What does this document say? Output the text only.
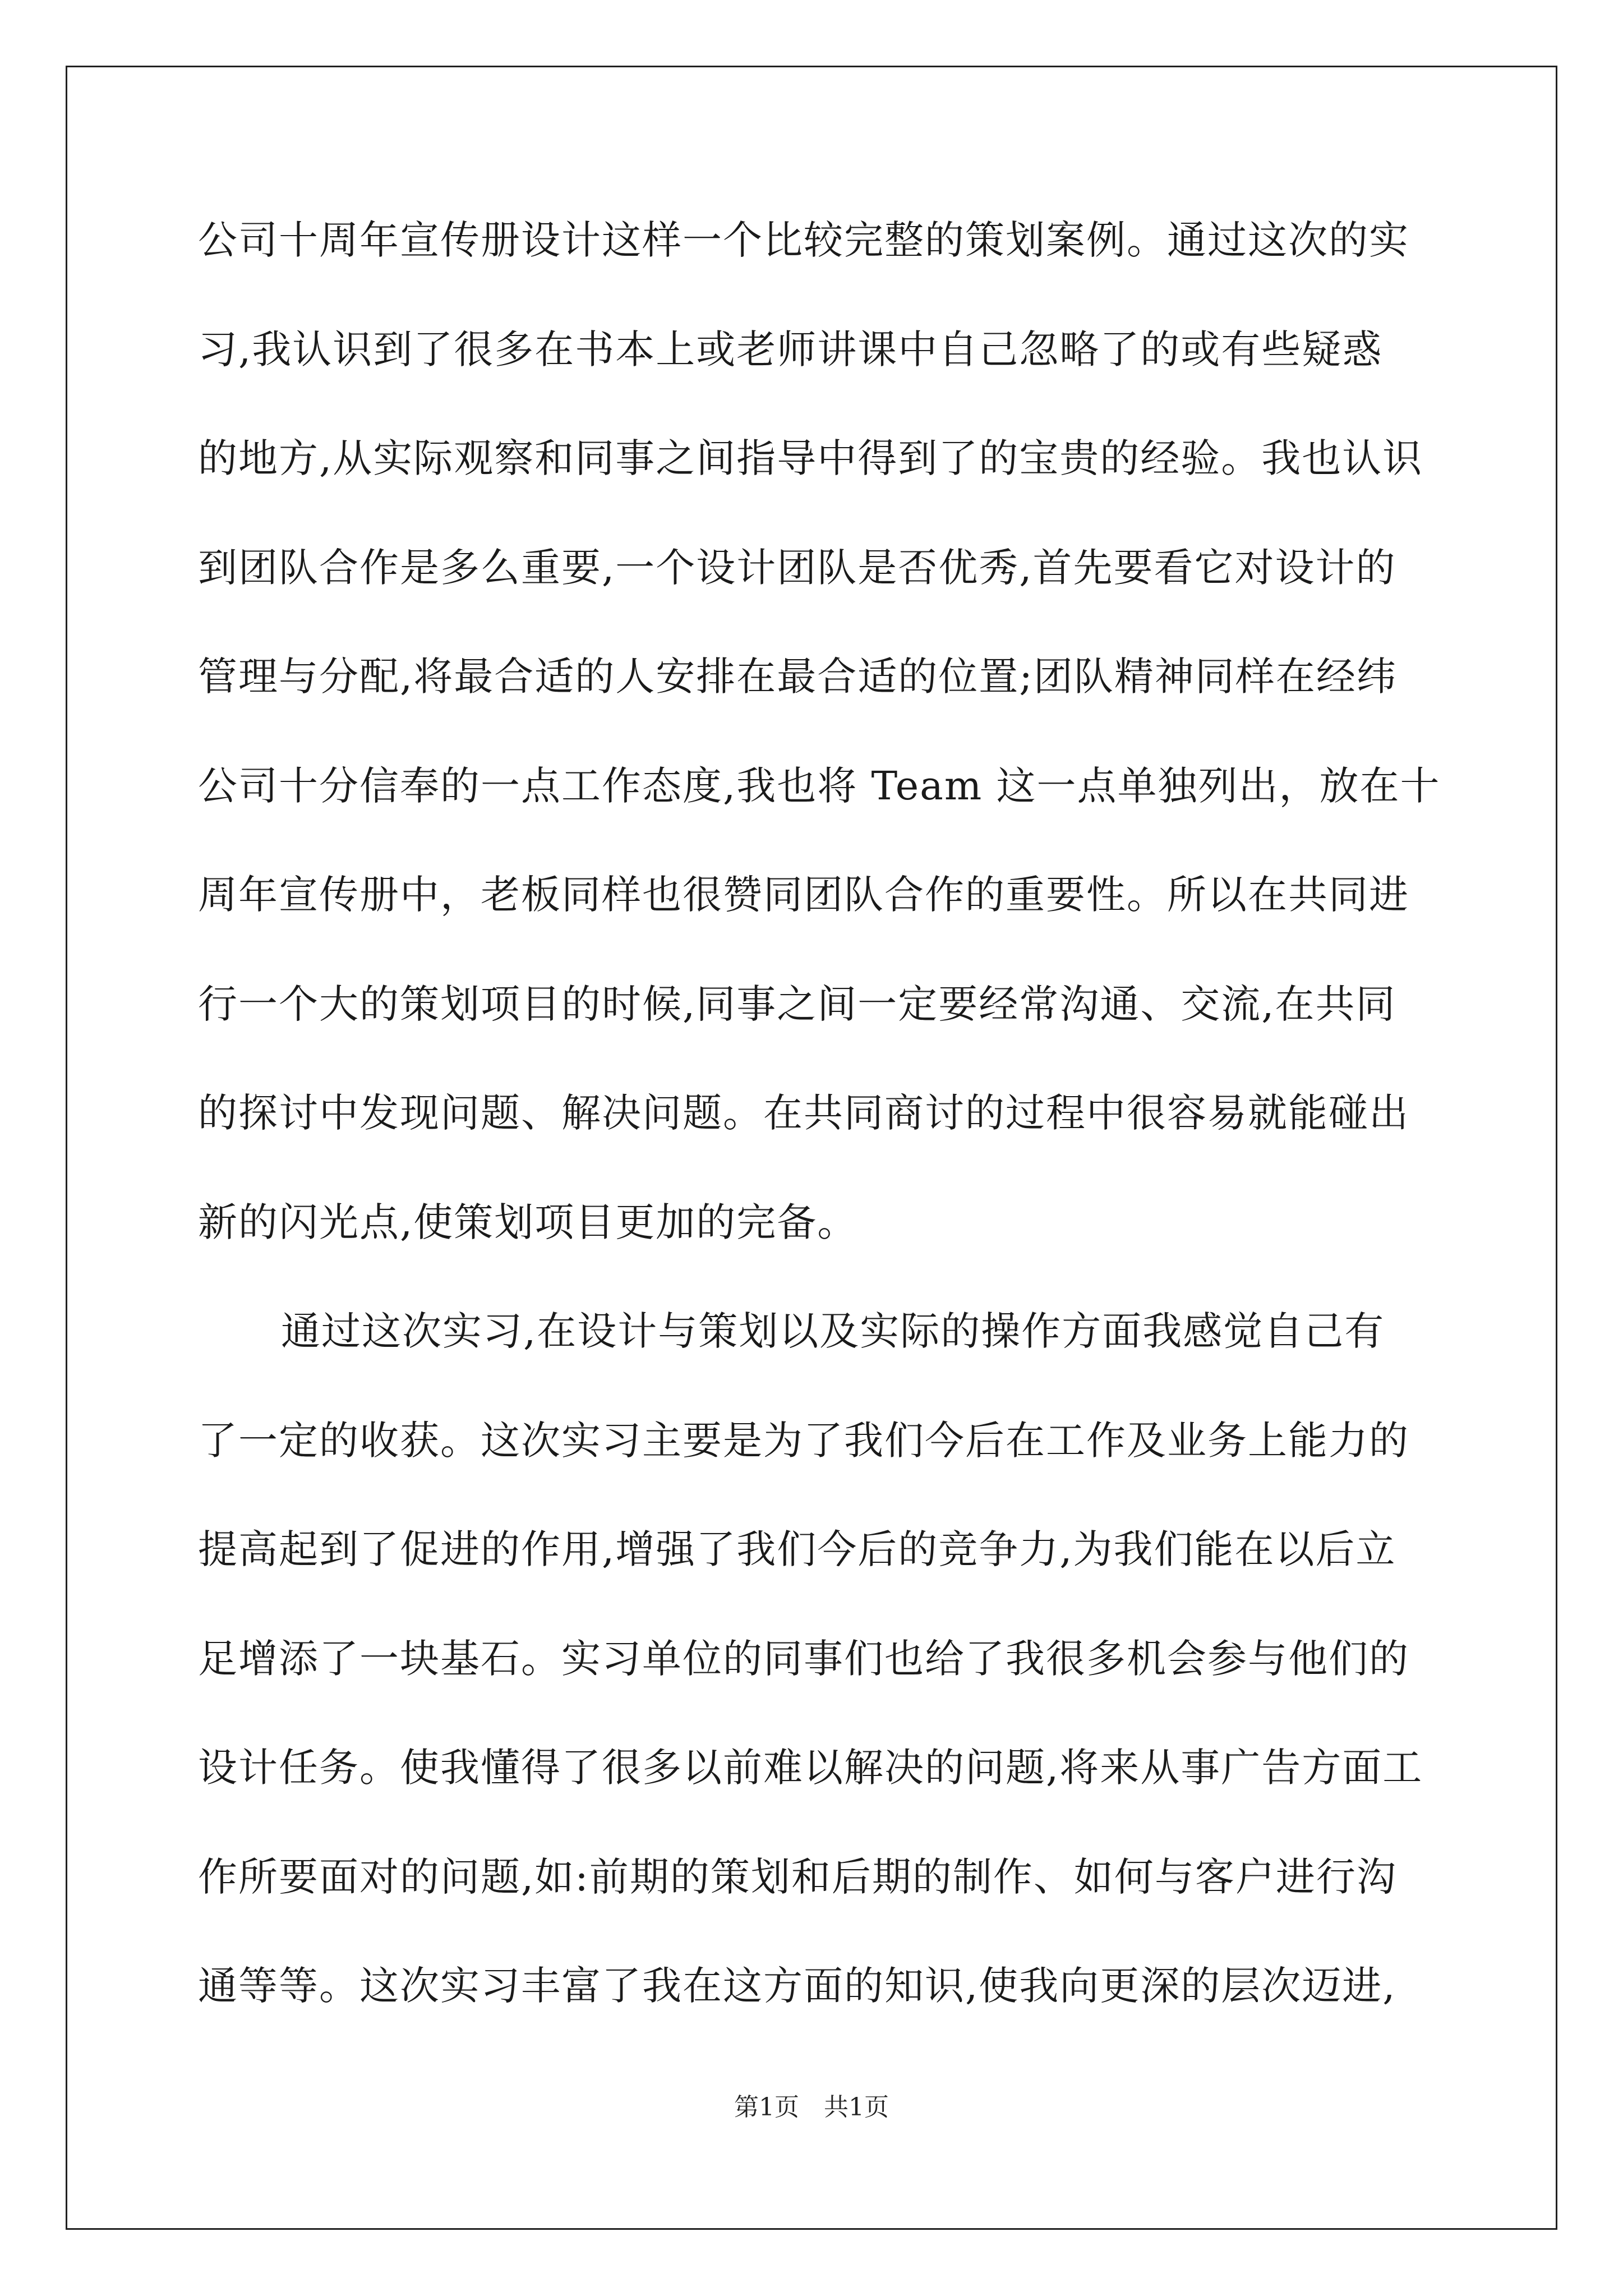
公司十周年宣传册设计这样一个比较完整的策划案例。通过这次的实
习,我认识到了很多在书本上或老师讲课中自己忽略了的或有些疑惑
的地方,从实际观察和同事之间指导中得到了的宝贵的经验。我也认识
到团队合作是多么重要,一个设计团队是否优秀,首先要看它对设计的
管理与分配,将最合适的人安排在最合适的位置;团队精神同样在经纬
公司十分信奉的一点工作态度,我也将 Team 这一点单独列出，放在十
周年宣传册中，老板同样也很赞同团队合作的重要性。所以在共同进
行一个大的策划项目的时候,同事之间一定要经常沟通、交流,在共同
的探讨中发现问题、解决问题。在共同商讨的过程中很容易就能碰出
新的闪光点,使策划项目更加的完备。
通过这次实习,在设计与策划以及实际的操作方面我感觉自己有
了一定的收获。这次实习主要是为了我们今后在工作及业务上能力的
提高起到了促进的作用,增强了我们今后的竞争力,为我们能在以后立
足增添了一块基石。实习单位的同事们也给了我很多机会参与他们的
设计任务。使我懂得了很多以前难以解决的问题,将来从事广告方面工
作所要面对的问题,如:前期的策划和后期的制作、如何与客户进行沟
通等等。这次实习丰富了我在这方面的知识,使我向更深的层次迈进,
第1页　共1页
